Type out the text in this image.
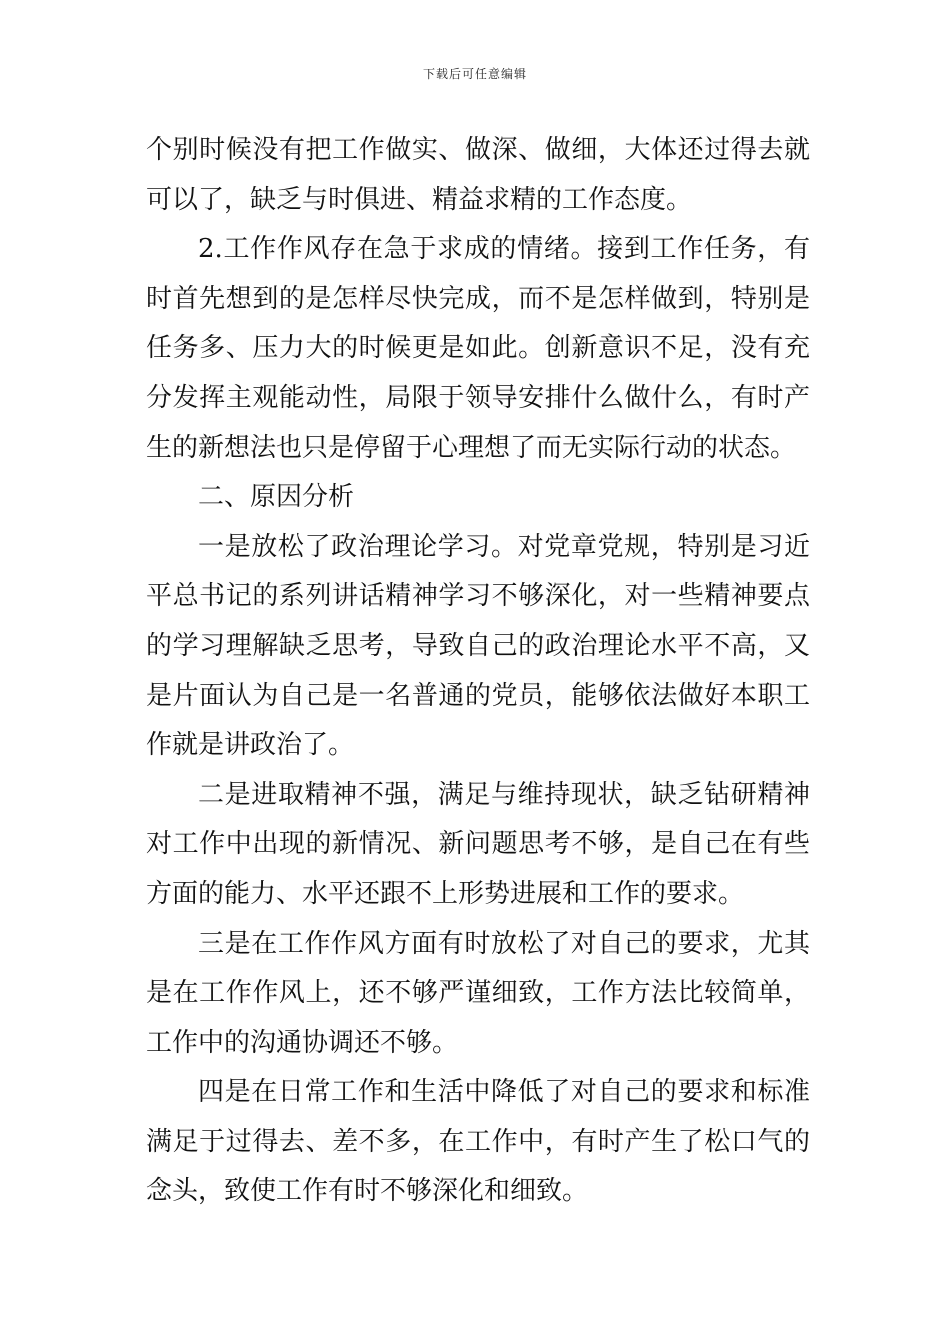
下载后可任意编辑

个别时候没有把工作做实、做深、做细，大体还过得去就可以了，缺乏与时俱进、精益求精的工作态度。

2.工作作风存在急于求成的情绪。接到工作任务，有时首先想到的是怎样尽快完成，而不是怎样做到，特别是任务多、压力大的时候更是如此。创新意识不足，没有充分发挥主观能动性，局限于领导安排什么做什么，有时产生的新想法也只是停留于心理想了而无实际行动的状态。

二、原因分析

一是放松了政治理论学习。对党章党规，特别是习近平总书记的系列讲话精神学习不够深化，对一些精神要点的学习理解缺乏思考，导致自己的政治理论水平不高，又是片面认为自己是一名普通的党员，能够依法做好本职工作就是讲政治了。

二是进取精神不强，满足与维持现状，缺乏钻研精神对工作中出现的新情况、新问题思考不够，是自己在有些方面的能力、水平还跟不上形势进展和工作的要求。

三是在工作作风方面有时放松了对自己的要求，尤其是在工作作风上，还不够严谨细致，工作方法比较简单，工作中的沟通协调还不够。

四是在日常工作和生活中降低了对自己的要求和标准满足于过得去、差不多，在工作中，有时产生了松口气的念头，致使工作有时不够深化和细致。
